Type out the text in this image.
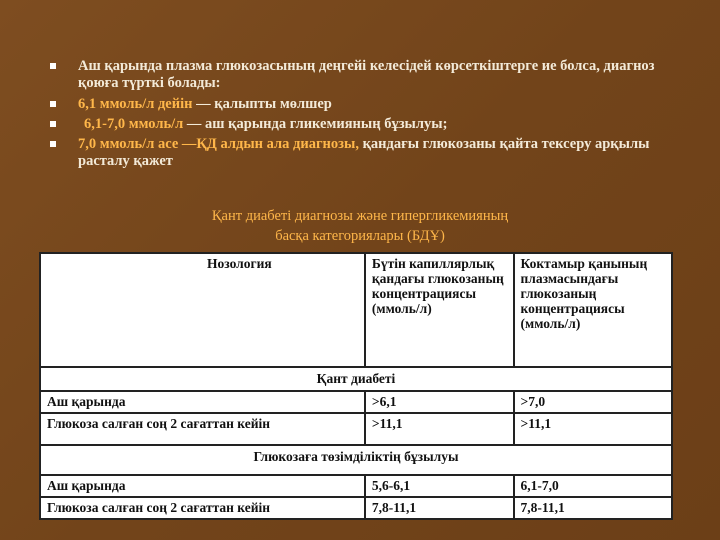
Аш қарында плазма глюкозасының деңгейі келесідей көрсеткіштерге ие болса, диагноз қоюға түрткі болады:
6,1 ммоль/л дейін — қалыпты мөлшер
6,1-7,0 ммоль/л — аш қарында гликемияның бұзылуы;
7,0 ммоль/л асе —ҚД алдын ала диагнозы, қандағы глюкозаны қайта тексеру арқылы расталу қажет
Қант диабеті диагнозы және гипергликемияның
басқа категориялары (БДҰ)
Нозология	Бүтін капиллярлық қандағы глюкозаның концентрациясы (ммоль/л)	Коктамыр қанының плазмасындағы глюкозаның концентрациясы (ммоль/л)
Қант диабеті		
Аш қарында	>6,1	>7,0
Глюкоза салған соң 2 сағаттан кейін	>11,1	>11,1
Глюкозаға төзімділіктің бұзылуы		
Аш қарында	5,6-6,1	6,1-7,0
Глюкоза салған соң 2 сағаттан кейін	7,8-11,1	7,8-11,1
